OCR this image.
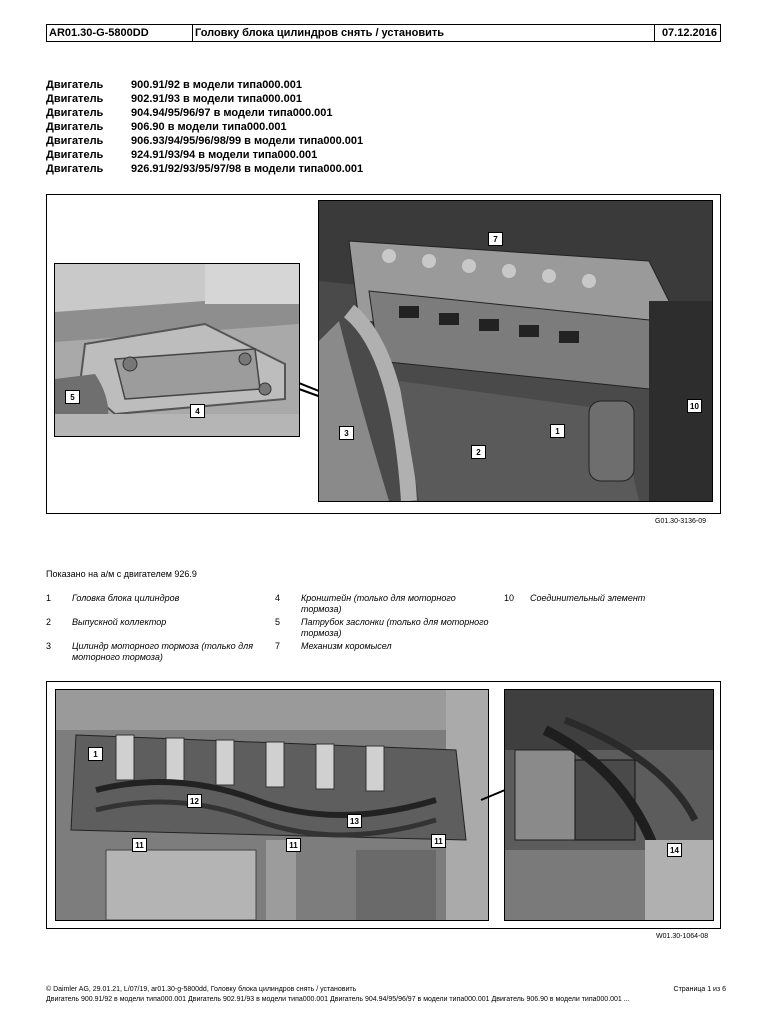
AR01.30-G-5800DD	Головку блока цилиндров снять / установить	07.12.2016
Двигатель	900.91/92 в модели типа000.001
Двигатель	902.91/93 в модели типа000.001
Двигатель	904.94/95/96/97 в модели типа000.001
Двигатель	906.90 в модели типа000.001
Двигатель	906.93/94/95/96/98/99 в модели типа000.001
Двигатель	924.91/93/94 в модели типа000.001
Двигатель	926.91/92/93/95/97/98 в модели типа000.001
5
4
7
3
2
1
10
G01.30-3136-09
Показано на а/м с двигателем 926.9
1 Головка блока цилиндров
2 Выпускной коллектор
3 Цилиндр моторного тормоза (только для моторного тормоза)
4 Кронштейн (только для моторного тормоза)
5 Патрубок заслонки (только для моторного тормоза)
7 Механизм коромысел
10 Соединительный элемент
1
12
13
11	11	11
14
W01.30-1064-08
© Daimler AG, 29.01.21, L/07/19, ar01.30-g-5800dd, Головку блока цилиндров снять / установить	Страница 1 из 6
Двигатель 900.91/92 в модели типа000.001 Двигатель 902.91/93 в модели типа000.001 Двигатель 904.94/95/96/97 в модели типа000.001 Двигатель 906.90 в модели типа000.001 ...
